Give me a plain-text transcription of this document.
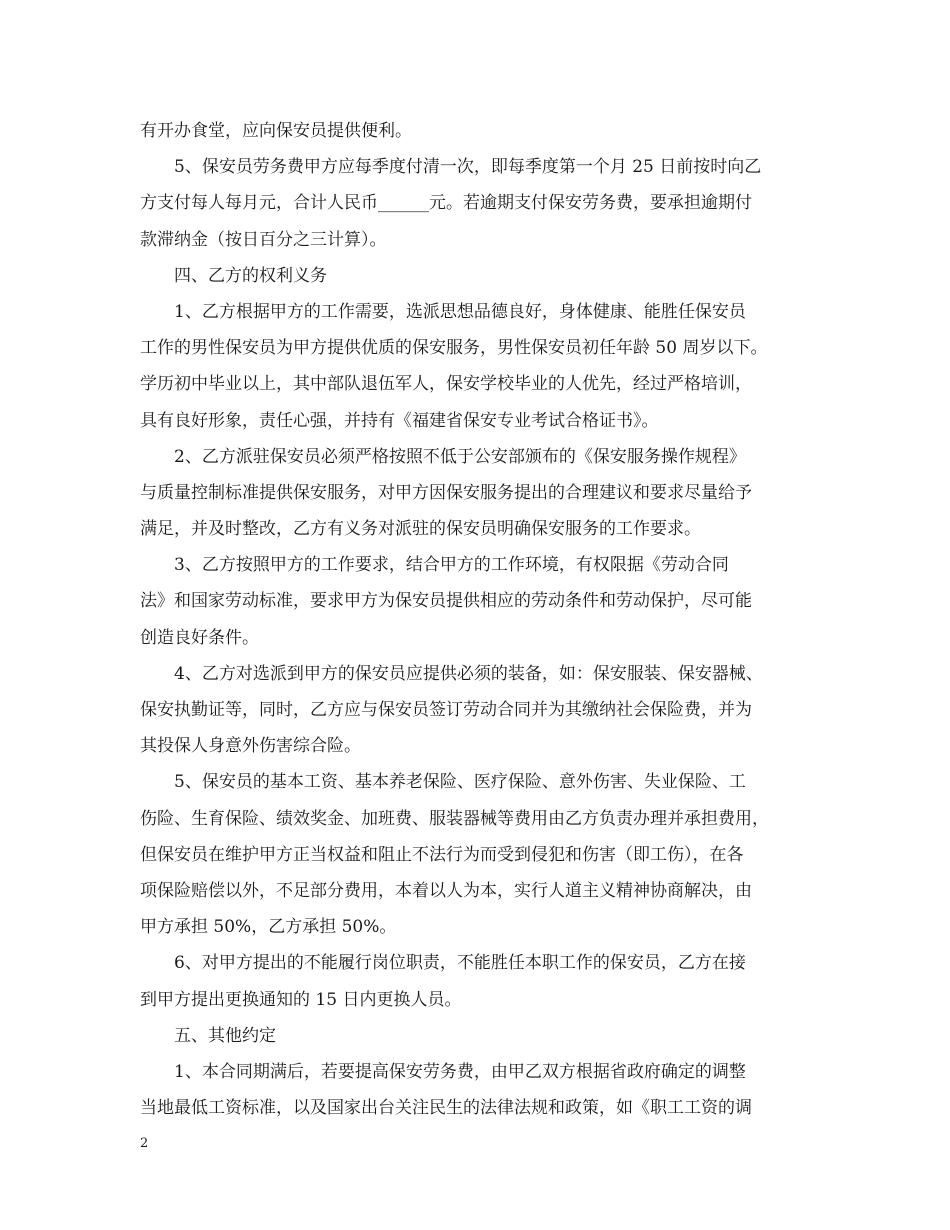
有开办食堂，应向保安员提供便利。
5、保安员劳务费甲方应每季度付清一次，即每季度第一个月 25 日前按时向乙
方支付每人每月元，合计人民币______元。若逾期支付保安劳务费，要承担逾期付
款滞纳金（按日百分之三计算）。
四、乙方的权利义务
1、乙方根据甲方的工作需要，选派思想品德良好，身体健康、能胜任保安员
工作的男性保安员为甲方提供优质的保安服务，男性保安员初任年龄 50 周岁以下。
学历初中毕业以上，其中部队退伍军人，保安学校毕业的人优先，经过严格培训，
具有良好形象，责任心强，并持有《福建省保安专业考试合格证书》。
2、乙方派驻保安员必须严格按照不低于公安部颁布的《保安服务操作规程》
与质量控制标准提供保安服务，对甲方因保安服务提出的合理建议和要求尽量给予
满足，并及时整改，乙方有义务对派驻的保安员明确保安服务的工作要求。
3、乙方按照甲方的工作要求，结合甲方的工作环境，有权限据《劳动合同
法》和国家劳动标准，要求甲方为保安员提供相应的劳动条件和劳动保护，尽可能
创造良好条件。
4、乙方对选派到甲方的保安员应提供必须的装备，如：保安服装、保安器械、
保安执勤证等，同时，乙方应与保安员签订劳动合同并为其缴纳社会保险费，并为
其投保人身意外伤害综合险。
5、保安员的基本工资、基本养老保险、医疗保险、意外伤害、失业保险、工
伤险、生育保险、绩效奖金、加班费、服装器械等费用由乙方负责办理并承担费用，
但保安员在维护甲方正当权益和阻止不法行为而受到侵犯和伤害（即工伤），在各
项保险赔偿以外，不足部分费用，本着以人为本，实行人道主义精神协商解决，由
甲方承担 50%，乙方承担 50%。
6、对甲方提出的不能履行岗位职责，不能胜任本职工作的保安员，乙方在接
到甲方提出更换通知的 15 日内更换人员。
五、其他约定
1、本合同期满后，若要提高保安劳务费，由甲乙双方根据省政府确定的调整
当地最低工资标准，以及国家出台关注民生的法律法规和政策，如《职工工资的调
2
